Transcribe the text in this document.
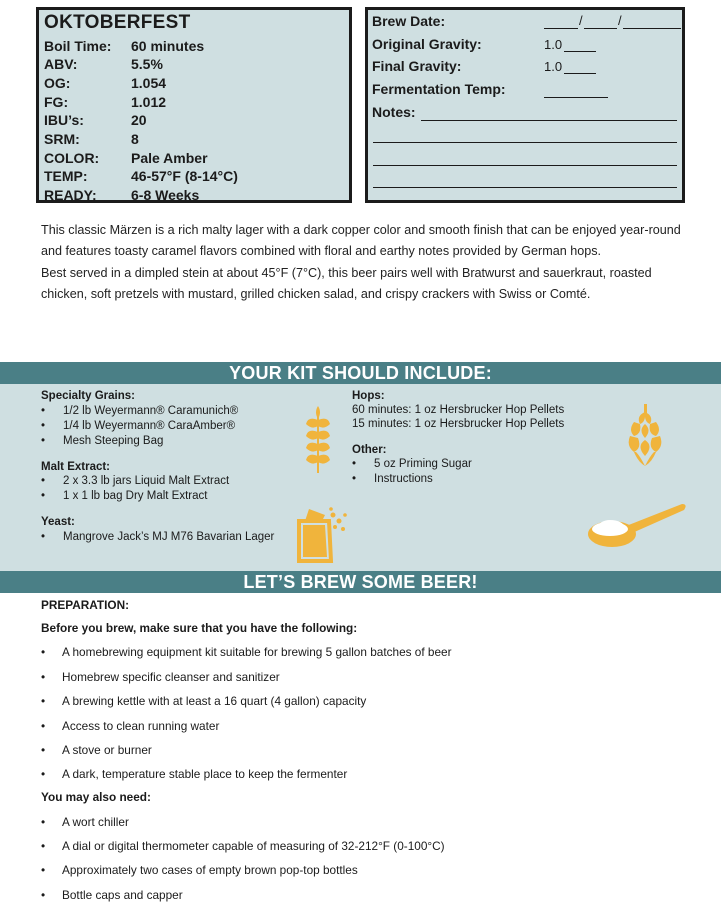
OKTOBERFEST
Boil Time: 60 minutes
ABV:	5.5%
OG:	1.054
FG:	1.012
IBU’s:	20
SRM:	8
COLOR: Pale Amber
TEMP:	46-57°F (8-14°C)
READY: 6-8 Weeks
Brew Date:	/	/
Original Gravity:	1.0
Final Gravity:	1.0
Fermentation Temp:
Notes:
This classic Märzen is a rich malty lager with a dark copper color and smooth finish that can be enjoyed year-round and features toasty caramel flavors combined with floral and earthy notes provided by German hops.
Best served in a dimpled stein at about 45°F (7°C), this beer pairs well with Bratwurst and sauerkraut, roasted chicken, soft pretzels with mustard, grilled chicken salad, and crispy crackers with Swiss or Comté.
YOUR KIT SHOULD INCLUDE:
Specialty Grains:
• 1/2 lb Weyermann® Caramunich®
• 1/4 lb Weyermann® CaraAmber®
• Mesh Steeping Bag
Malt Extract:
• 2 x 3.3 lb jars Liquid Malt Extract
• 1 x 1 lb bag Dry Malt Extract
Yeast:
• Mangrove Jack’s MJ M76 Bavarian Lager
Hops:
60 minutes: 1 oz Hersbrucker Hop Pellets
15 minutes: 1 oz Hersbrucker Hop Pellets
Other:
• 5 oz Priming Sugar
• Instructions
LET’S BREW SOME BEER!
PREPARATION:
Before you brew, make sure that you have the following:
• A homebrewing equipment kit suitable for brewing 5 gallon batches of beer
• Homebrew specific cleanser and sanitizer
• A brewing kettle with at least a 16 quart (4 gallon) capacity
• Access to clean running water
• A stove or burner
• A dark, temperature stable place to keep the fermenter
You may also need:
• A wort chiller
• A dial or digital thermometer capable of measuring of 32-212°F (0-100°C)
• Approximately two cases of empty brown pop-top bottles
• Bottle caps and capper
